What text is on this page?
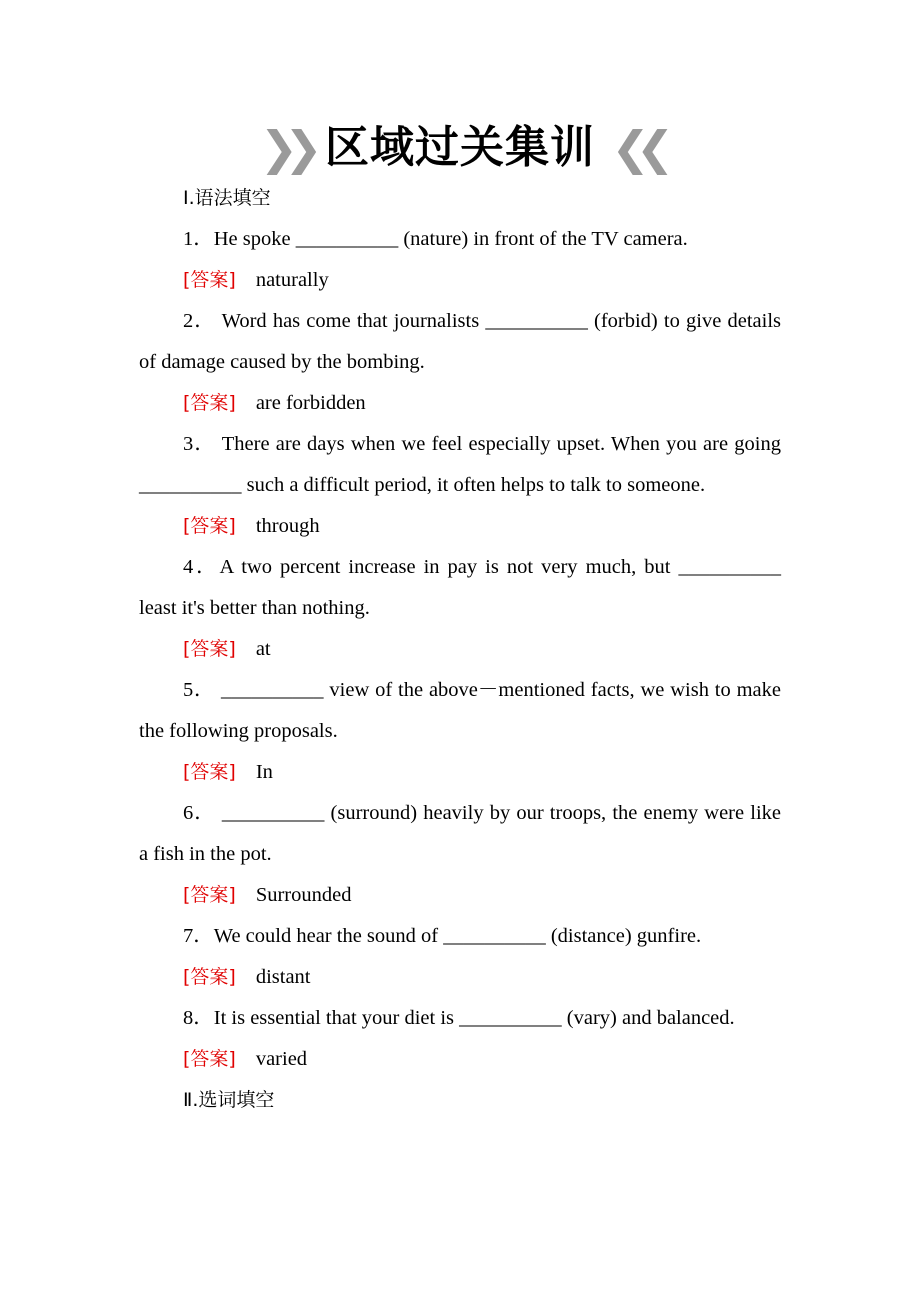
❯❯ 区域过关集训 ❮❮

Ⅰ.语法填空

1．He spoke __________ (nature) in front of the TV camera.

[答案] naturally

2． Word has come that journalists __________ (forbid) to give details of damage caused by the bombing.

[答案] are forbidden

3． There are days when we feel especially upset. When you are going __________ such a difficult period, it often helps to talk to someone.

[答案] through

4．A two percent increase in pay is not very much, but __________ least it's better than nothing.

[答案] at

5． __________ view of the above－mentioned facts, we wish to make the following proposals.

[答案] In

6． __________ (surround) heavily by our troops, the enemy were like a fish in the pot.

[答案] Surrounded

7．We could hear the sound of __________ (distance) gunfire.

[答案] distant

8．It is essential that your diet is __________ (vary) and balanced.

[答案] varied

Ⅱ.选词填空
